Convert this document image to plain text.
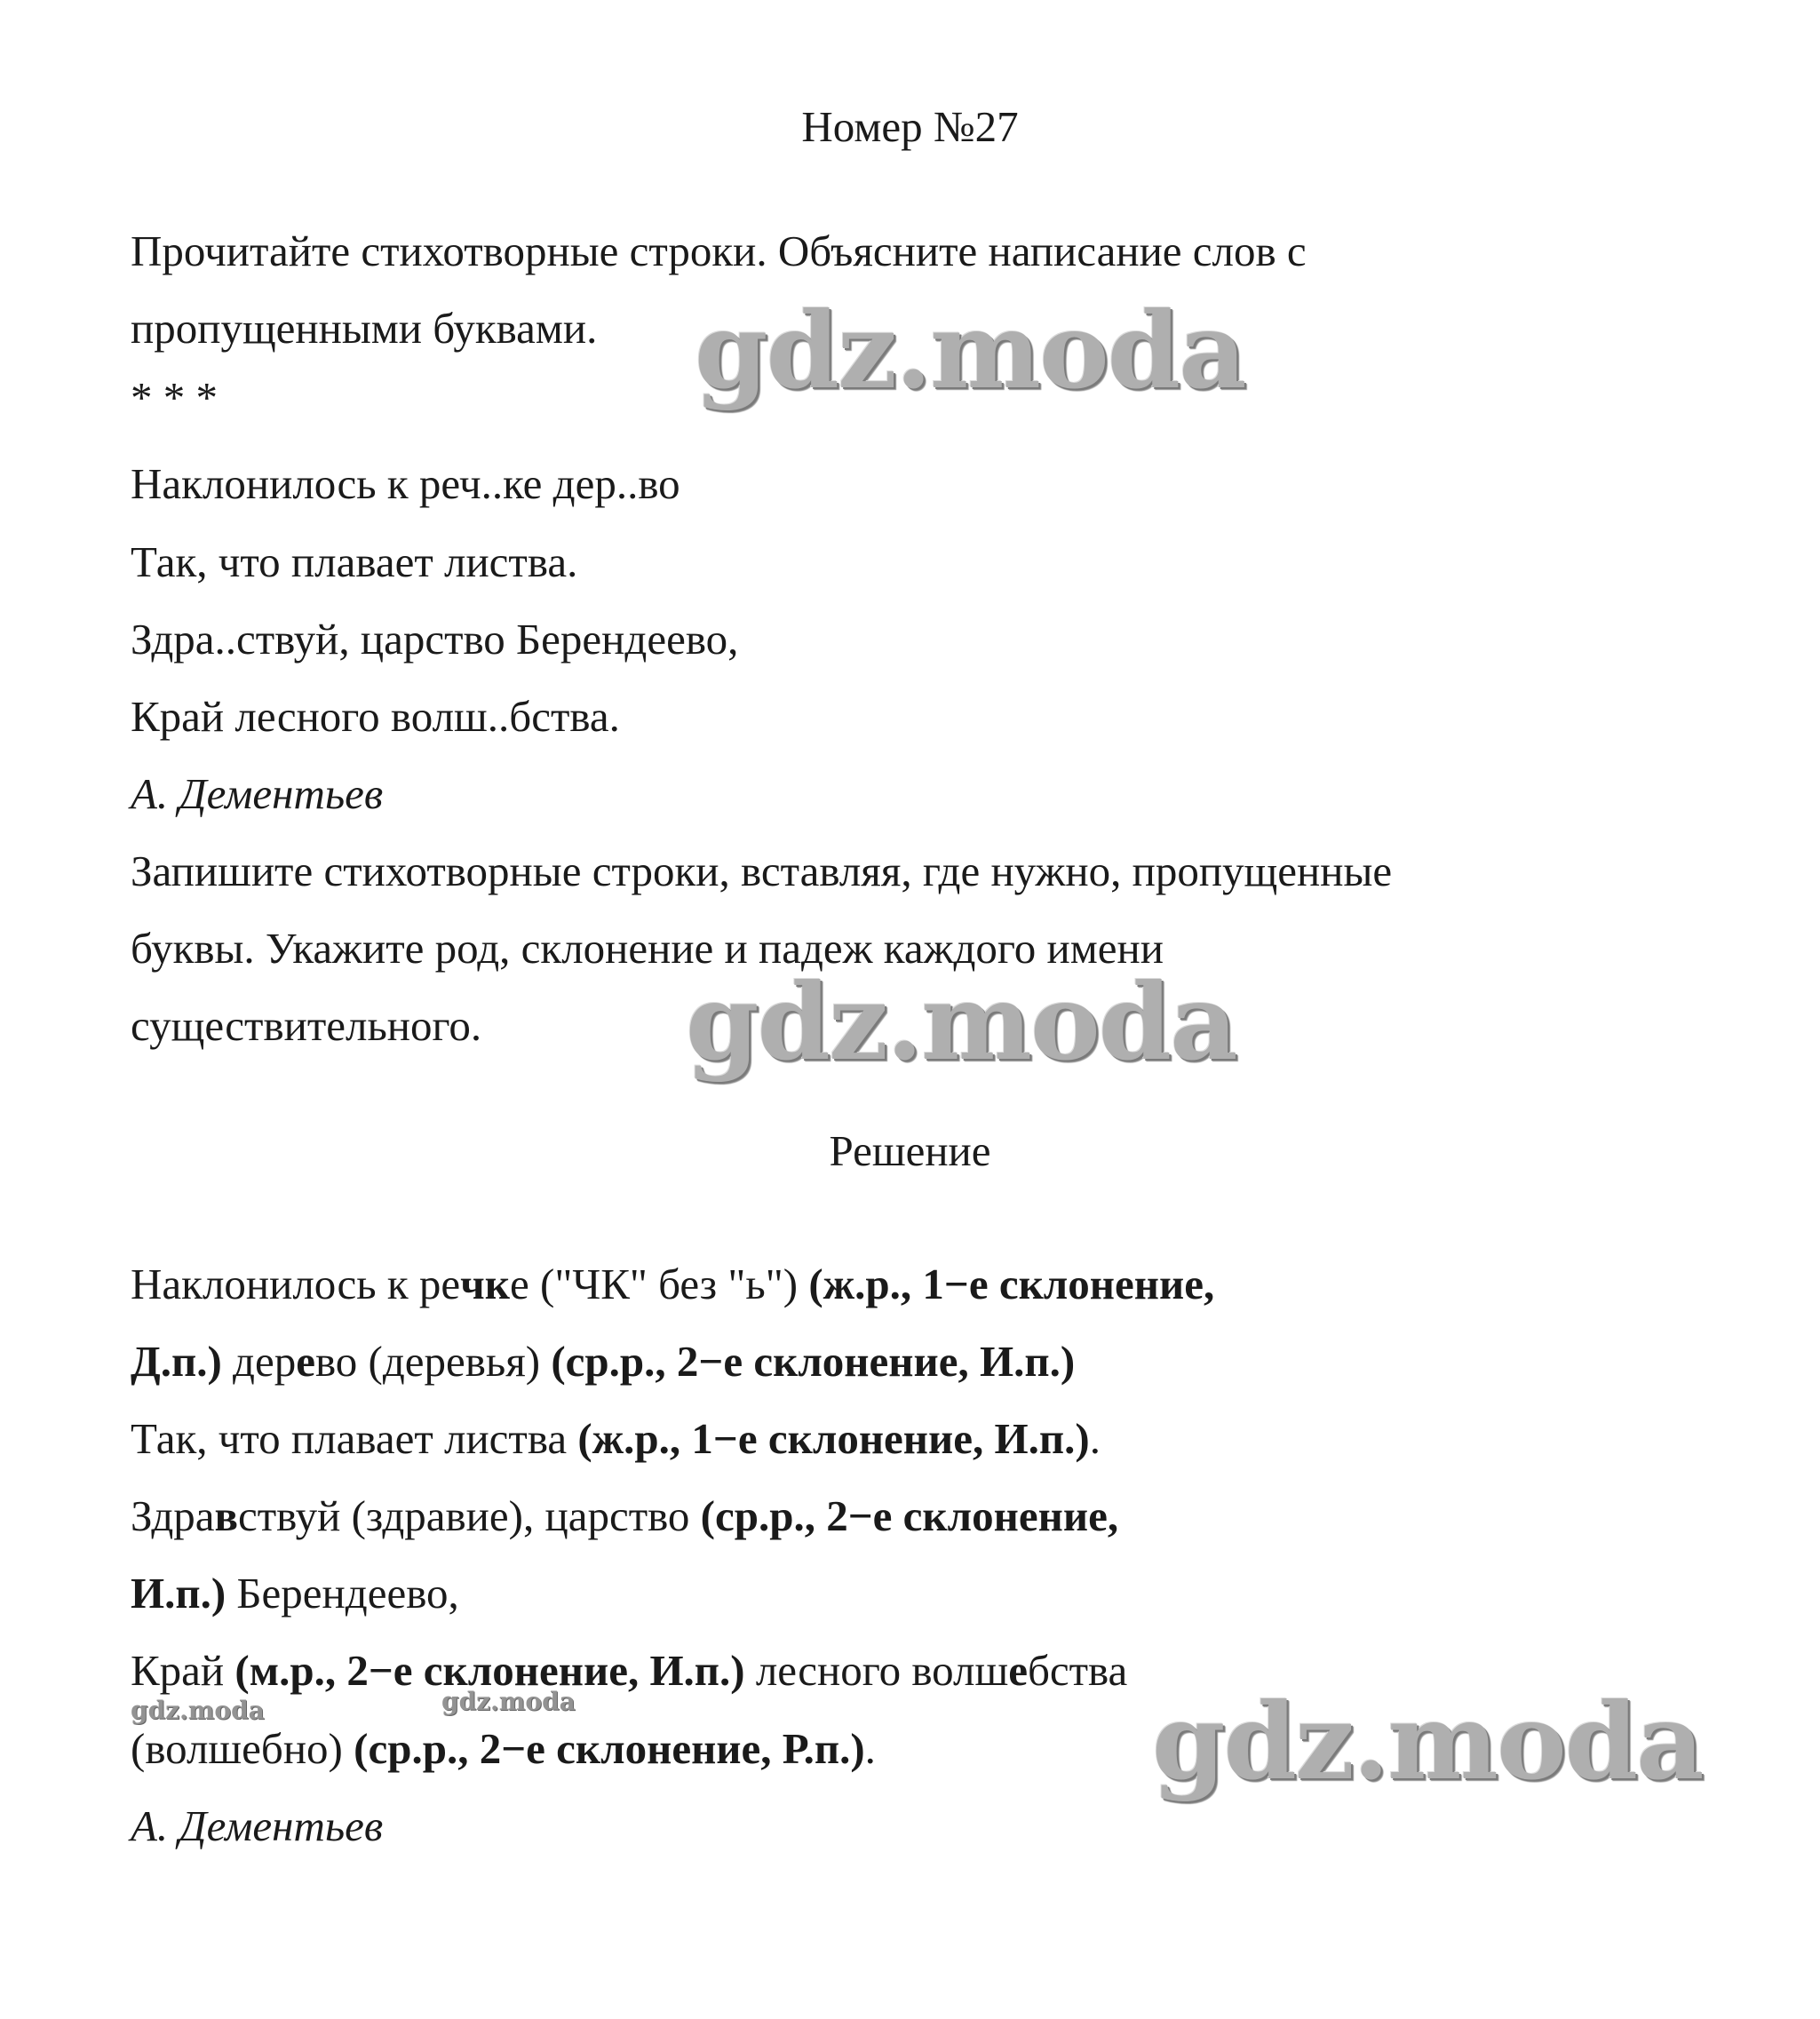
Номер №27
Прочитайте стихотворные строки. Объясните написание слов с
пропущенными буквами.
* * *
Наклонилось к реч..ке дер..во
Так, что плавает листва.
Здра..ствуй, царство Берендеево,
Край лесного волш..бства.
А. Дементьев
Запишите стихотворные строки, вставляя, где нужно, пропущенные
буквы. Укажите род, склонение и падеж каждого имени
существительного.
Решение
Наклонилось к речке ("ЧК" без "ь") (ж.р., 1−е склонение,
Д.п.) дерево (деревья) (ср.р., 2−е склонение, И.п.)
Так, что плавает листва (ж.р., 1−е склонение, И.п.).
Здравствуй (здравие), царство (ср.р., 2−е склонение,
И.п.) Берендеево,
Край (м.р., 2−е склонение, И.п.) лесного волшебства
(волшебно) (ср.р., 2−е склонение, Р.п.).
А. Дементьев
gdz.moda
gdz.moda
gdz.moda
gdz.moda	gdz.moda
